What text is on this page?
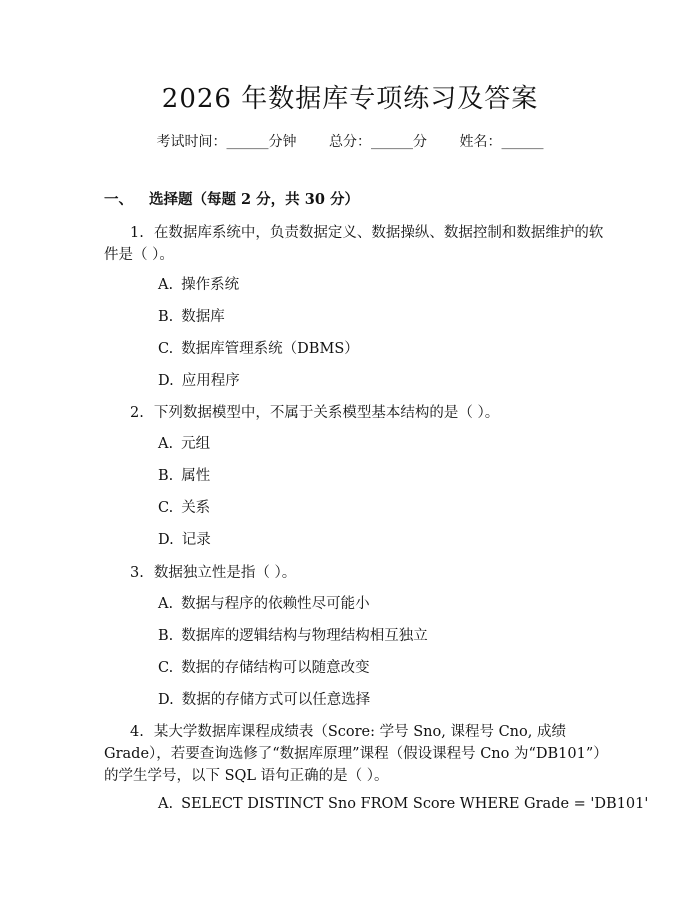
2026 年数据库专项练习及答案
考试时间：______分钟 总分：______分 姓名：______
一、 选择题（每题 2 分，共 30 分）
1. 在数据库系统中，负责数据定义、数据操纵、数据控制和数据维护的软件是（ ）。
A. 操作系统
B. 数据库
C. 数据库管理系统（DBMS）
D. 应用程序
2. 下列数据模型中，不属于关系模型基本结构的是（ ）。
A. 元组
B. 属性
C. 关系
D. 记录
3. 数据独立性是指（ ）。
A. 数据与程序的依赖性尽可能小
B. 数据库的逻辑结构与物理结构相互独立
C. 数据的存储结构可以随意改变
D. 数据的存储方式可以任意选择
4. 某大学数据库课程成绩表（Score: 学号 Sno, 课程号 Cno, 成绩 Grade），若要查询选修了“数据库原理”课程（假设课程号 Cno 为“DB101”）的学生学号，以下 SQL 语句正确的是（ ）。
A. SELECT DISTINCT Sno FROM Score WHERE Grade = 'DB101'
